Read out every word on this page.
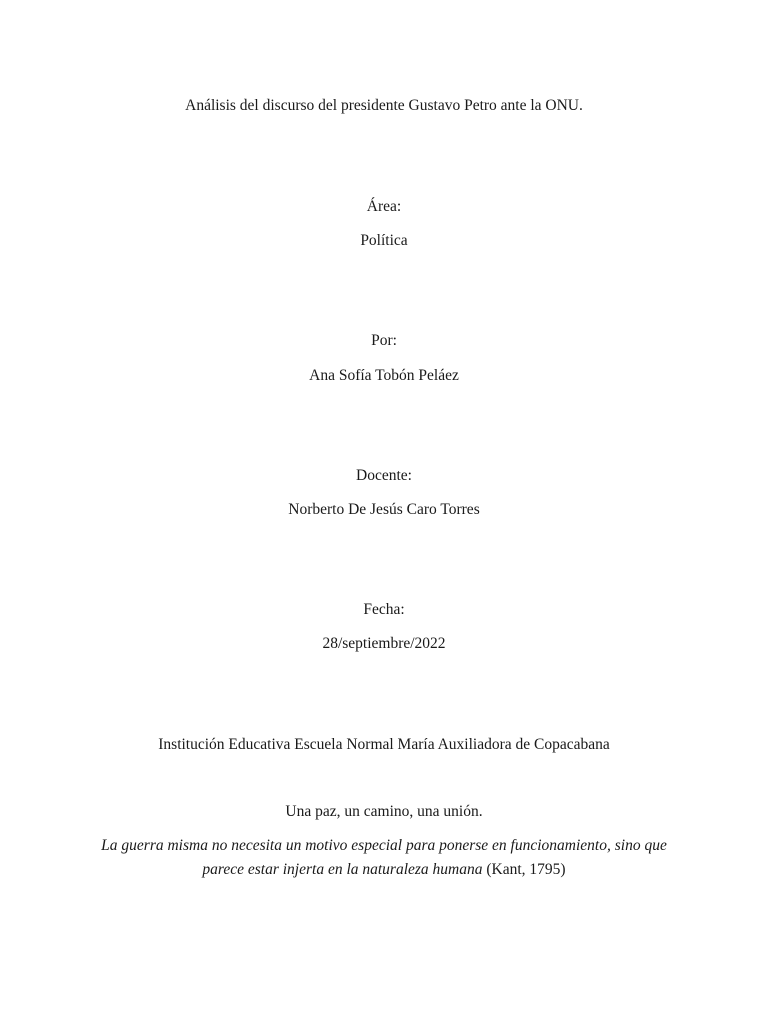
Análisis del discurso del presidente Gustavo Petro ante la ONU.
Área:
Política
Por:
Ana Sofía Tobón Peláez
Docente:
Norberto De Jesús Caro Torres
Fecha:
28/septiembre/2022
Institución Educativa Escuela Normal María Auxiliadora de Copacabana
Una paz, un camino, una unión.
La guerra misma no necesita un motivo especial para ponerse en funcionamiento, sino que parece estar injerta en la naturaleza humana (Kant, 1795)
